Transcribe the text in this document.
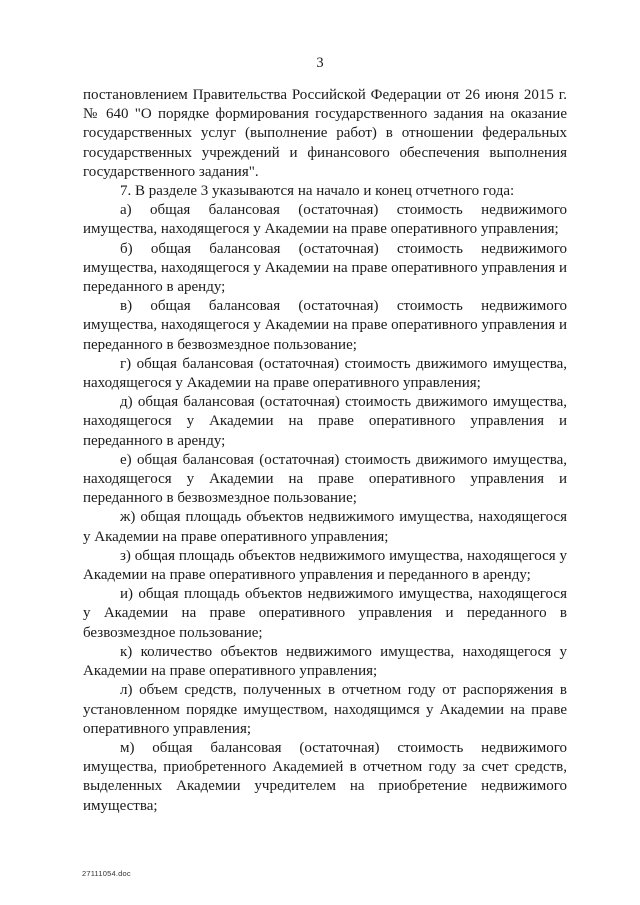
3

постановлением Правительства Российской Федерации от 26 июня 2015 г. № 640 "О порядке формирования государственного задания на оказание государственных услуг (выполнение работ) в отношении федеральных государственных учреждений и финансового обеспечения выполнения государственного задания".

7. В разделе 3 указываются на начало и конец отчетного года:

а) общая балансовая (остаточная) стоимость недвижимого имущества, находящегося у Академии на праве оперативного управления;

б) общая балансовая (остаточная) стоимость недвижимого имущества, находящегося у Академии на праве оперативного управления и переданного в аренду;

в) общая балансовая (остаточная) стоимость недвижимого имущества, находящегося у Академии на праве оперативного управления и переданного в безвозмездное пользование;

г) общая балансовая (остаточная) стоимость движимого имущества, находящегося у Академии на праве оперативного управления;

д) общая балансовая (остаточная) стоимость движимого имущества, находящегося у Академии на праве оперативного управления и переданного в аренду;

е) общая балансовая (остаточная) стоимость движимого имущества, находящегося у Академии на праве оперативного управления и переданного в безвозмездное пользование;

ж) общая площадь объектов недвижимого имущества, находящегося у Академии на праве оперативного управления;

з) общая площадь объектов недвижимого имущества, находящегося у Академии на праве оперативного управления и переданного в аренду;

и) общая площадь объектов недвижимого имущества, находящегося у Академии на праве оперативного управления и переданного в безвозмездное пользование;

к) количество объектов недвижимого имущества, находящегося у Академии на праве оперативного управления;

л) объем средств, полученных в отчетном году от распоряжения в установленном порядке имуществом, находящимся у Академии на праве оперативного управления;

м) общая балансовая (остаточная) стоимость недвижимого имущества, приобретенного Академией в отчетном году за счет средств, выделенных Академии учредителем на приобретение недвижимого имущества;

27111054.doc
